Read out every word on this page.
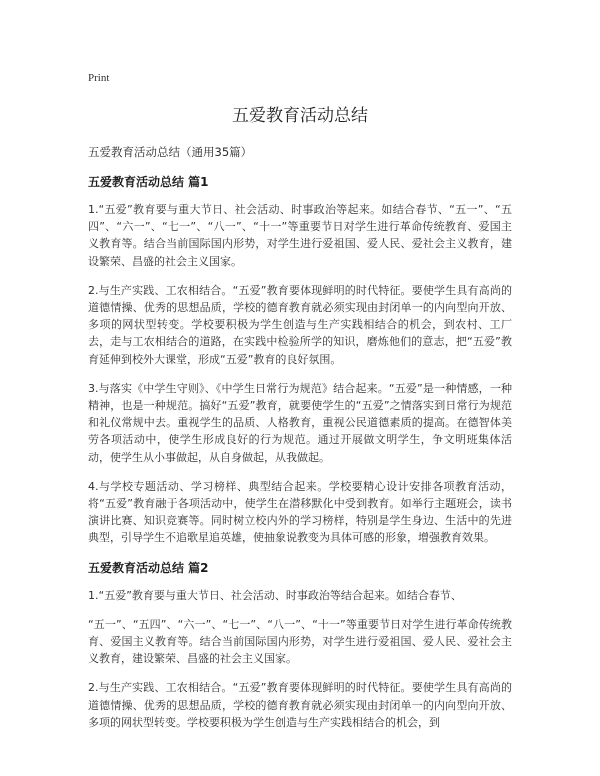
Print
五爱教育活动总结
五爱教育活动总结（通用35篇）
五爱教育活动总结 篇1

1.“五爱”教育要与重大节日、社会活动、时事政治等起来。如结合春节、“五一”、“五四”、“六一”、“七一”、“八一”、“十一”等重要节日对学生进行革命传统教育、爱国主义教育等。结合当前国际国内形势，对学生进行爱祖国、爱人民、爱社会主义教育，建设繁荣、昌盛的社会主义国家。

2.与生产实践、工农相结合。“五爱”教育要体现鲜明的时代特征。要使学生具有高尚的道德情操、优秀的思想品质，学校的德育教育就必须实现由封闭单一的内向型向开放、多项的网状型转变。学校要积极为学生创造与生产实践相结合的机会，到农村、工厂去，走与工农相结合的道路，在实践中检验所学的知识，磨炼他们的意志，把“五爱”教育延伸到校外大课堂，形成“五爱”教育的良好氛围。

3.与落实《中学生守则》、《中学生日常行为规范》结合起来。“五爱”是一种情感，一种精神，也是一种规范。搞好“五爱”教育，就要使学生的“五爱”之情落实到日常行为规范和礼仪常规中去。重视学生的品质、人格教育，重视公民道德素质的提高。在德智体美劳各项活动中，使学生形成良好的行为规范。通过开展做文明学生，争文明班集体活动，使学生从小事做起，从自身做起，从我做起。

4.与学校专题活动、学习榜样、典型结合起来。学校要精心设计安排各项教育活动，将“五爱”教育融于各项活动中，使学生在潜移默化中受到教育。如举行主题班会，读书演讲比赛、知识竞赛等。同时树立校内外的学习榜样，特别是学生身边、生活中的先进典型，引导学生不追歌星追英雄，使抽象说教变为具体可感的形象，增强教育效果。

五爱教育活动总结 篇2

1.“五爱”教育要与重大节日、社会活动、时事政治等结合起来。如结合春节、

“五一”、“五四”、“六一”、“七一”、“八一”、“十一”等重要节日对学生进行革命传统教育、爱国主义教育等。结合当前国际国内形势，对学生进行爱祖国、爱人民、爱社会主义教育，建设繁荣、昌盛的社会主义国家。

2.与生产实践、工农相结合。“五爱”教育要体现鲜明的时代特征。要使学生具有高尚的道德情操、优秀的思想品质，学校的德育教育就必须实现由封闭单一的内向型向开放、多项的网状型转变。学校要积极为学生创造与生产实践相结合的机会，到
